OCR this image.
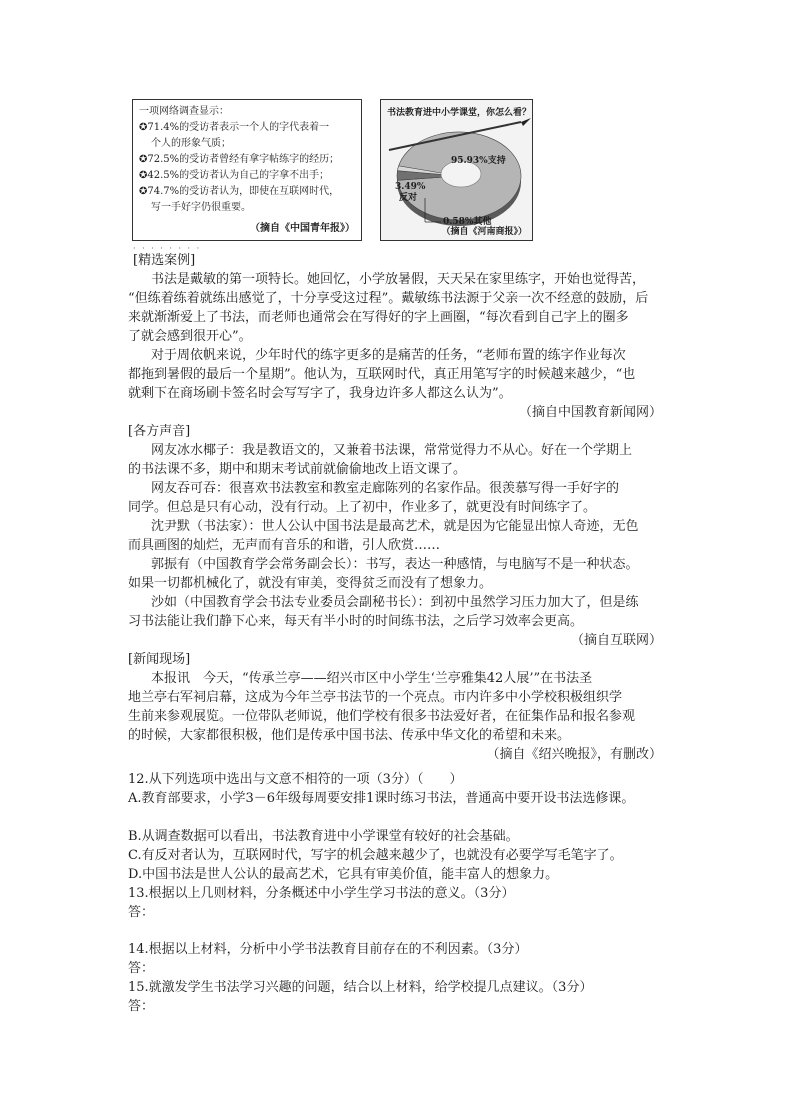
一项网络调查显示：
✪71.4%的受访者表示一个人的字代表着一
个人的形象气质；
✪72.5%的受访者曾经有拿字帖练字的经历；
✪42.5%的受访者认为自己的字拿不出手；
✪74.7%的受访者认为，即使在互联网时代，
写一手好字仍很重要。
（摘自《中国青年报》）
书法教育进中小学课堂，你怎么看？
95.93%支持
3.49%
反对
0.58%其他
（摘自《河南商报》）
· · · · · · · ·
[精选案例]
书法是戴敏的第一项特长。她回忆，小学放暑假，天天呆在家里练字，开始也觉得苦，
“但练着练着就练出感觉了，十分享受这过程”。戴敏练书法源于父亲一次不经意的鼓励，后
来就渐渐爱上了书法，而老师也通常会在写得好的字上画圈，“每次看到自己字上的圈多
了就会感到很开心”。
对于周依帆来说，少年时代的练字更多的是痛苦的任务，“老师布置的练字作业每次
都拖到暑假的最后一个星期”。他认为，互联网时代，真正用笔写字的时候越来越少，“也
就剩下在商场刷卡签名时会写写字了，我身边许多人都这么认为”。
（摘自中国教育新闻网）
[各方声音]
网友冰水椰子：我是教语文的，又兼着书法课，常常觉得力不从心。好在一个学期上
的书法课不多，期中和期末考试前就偷偷地改上语文课了。
网友吞可吞：很喜欢书法教室和教室走廊陈列的名家作品。很羡慕写得一手好字的
同学。但总是只有心动，没有行动。上了初中，作业多了，就更没有时间练字了。
沈尹默（书法家）：世人公认中国书法是最高艺术，就是因为它能显出惊人奇迹，无色
而具画图的灿烂，无声而有音乐的和谐，引人欣赏……
郭振有（中国教育学会常务副会长）：书写，表达一种感情，与电脑写不是一种状态。
如果一切都机械化了，就没有审美，变得贫乏而没有了想象力。
沙如（中国教育学会书法专业委员会副秘书长）：到初中虽然学习压力加大了，但是练
习书法能让我们静下心来，每天有半小时的时间练书法，之后学习效率会更高。
（摘自互联网）
[新闻现场]
本报讯　今天，“传承兰亭——绍兴市区中小学生‘兰亭雅集42人展’”在书法圣
地兰亭右军祠启幕，这成为今年兰亭书法节的一个亮点。市内许多中小学校积极组织学
生前来参观展览。一位带队老师说，他们学校有很多书法爱好者，在征集作品和报名参观
的时候，大家都很积极，他们是传承中国书法、传承中华文化的希望和未来。
（摘自《绍兴晚报》，有删改）
12.从下列选项中选出与文意不相符的一项（3分）（　　）
A.教育部要求，小学3－6年级每周要安排1课时练习书法，普通高中要开设书法选修课。
B.从调查数据可以看出，书法教育进中小学课堂有较好的社会基础。
C.有反对者认为，互联网时代，写字的机会越来越少了，也就没有必要学写毛笔字了。
D.中国书法是世人公认的最高艺术，它具有审美价值，能丰富人的想象力。
13.根据以上几则材料，分条概述中小学生学习书法的意义。（3分）
答：
14.根据以上材料，分析中小学书法教育目前存在的不利因素。（3分）
答：
15.就激发学生书法学习兴趣的问题，结合以上材料，给学校提几点建议。（3分）
答：
